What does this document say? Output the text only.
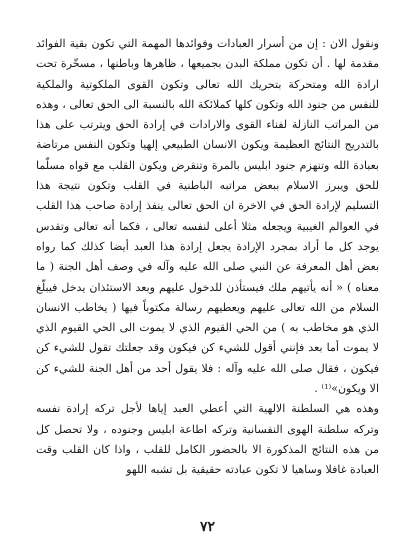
ونقول الان : إن من أسرار العبادات وفوائدها المهمة التي تكون بقية الفوائد مقدمة لها . أن تكون مملكة البدن بجميعها ، ظاهرها وباطنها ، مسخّرة تحت ارادة الله ومتحركة بتحريك الله تعالى وتكون القوى الملكوتية والملكية للنفس من جنود الله وتكون كلها كملائكة الله بالنسبة الى الحق تعالى ، وهذه من المراتب النازلة لفناء القوى والارادات في إرادة الحق ويترتب على هذا بالتدريج النتائج العظيمة ويكون الانسان الطبيعي إلهيا وتكون النفس مرتاضة بعبادة الله وتنهزم جنود ابليس بالمرة وتنقرض ويكون القلب مع قواه مسلّما للحق ويبرز الاسلام ببعض مراتبه الباطنية في القلب وتكون نتيجة هذا التسليم لإرادة الحق في الاخرة ان الحق تعالى ينفذ إرادة صاحب هذا القلب في العوالم الغيبية ويجعله مثلا أعلى لنفسه تعالى ، فكما أنه تعالى وتقدس يوجد كل ما أراد بمجرد الإرادة يجعل إرادة هذا العبد أيضا كذلك كما رواه بعض أهل المعرفة عن النبي صلى الله عليه وآله في وصف أهل الجنة ( ما معناه ) « أنه يأتيهم ملك فيستأذن للدخول عليهم وبعد الاستئذان يدخل فيبلّغ السلام من الله تعالى عليهم ويعطيهم رسالة مكتوباً فيها ( يخاطب الانسان الذي هو مخاطب به ) من الحي القيوم الذي لا يموت الى الحي القيوم الذي لا يموت أما بعد فإنني أقول للشيء كن فيكون وقد جعلتك تقول للشيء كن فيكون ، فقال صلى الله عليه وآله : فلا يقول أحد من أهل الجنة للشيء كن الا ويكون»⁽¹⁾ .

وهذه هي السلطنة الالهية التي أعطي العبد إياها لأجل تركه إرادة نفسه وتركه سلطنة الهوى النفسانية وتركه اطاعة ابليس وجنوده ، ولا تحصل كل من هذه النتائج المذكورة الا بالحضور الكامل للقلب ، واذا كان القلب وقت العبادة غافلا وساهيا لا تكون عبادته حقيقية بل تشبه اللهو

٧٢
